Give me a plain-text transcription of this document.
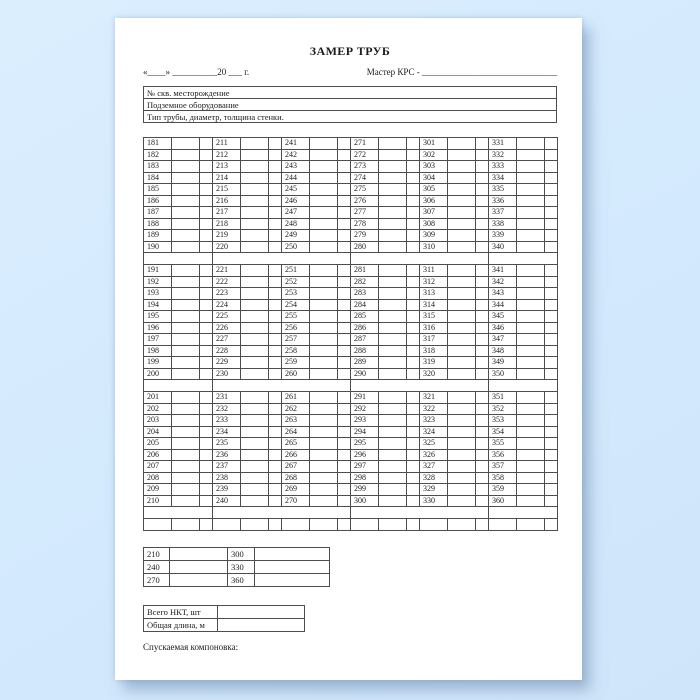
ЗАМЕР ТРУБ
«____» __________20 ___ г.	Мастер КРС - ______________________________
№ скв. месторождение
Подземное оборудование
Тип трубы, диаметр, толщина стенки.
181			211			241			271			301			331		
182			212			242			272			302			332		
183			213			243			273			303			333		
184			214			244			274			304			334		
185			215			245			275			305			335		
186			216			246			276			306			336		
187			217			247			277			307			337		
188			218			248			278			308			338		
189			219			249			279			309			339		
190			220			250			280			310			340		

191			221			251			281			311			341		
192			222			252			282			312			342		
193			223			253			283			313			343		
194			224			254			284			314			344		
195			225			255			285			315			345		
196			226			256			286			316			346		
197			227			257			287			317			347		
198			228			258			288			318			348		
199			229			259			289			319			349		
200			230			260			290			320			350		

201			231			261			291			321			351		
202			232			262			292			322			352		
203			233			263			293			323			353		
204			234			264			294			324			354		
205			235			265			295			325			355		
206			236			266			296			326			356		
207			237			267			297			327			357		
208			238			268			298			328			358		
209			239			269			299			329			359		
210			240			270			300			330			360		

210		300	
240		330	
270		360	
Всего НКТ, шт	
Общая длина, м	
Спускаемая компоновка:
